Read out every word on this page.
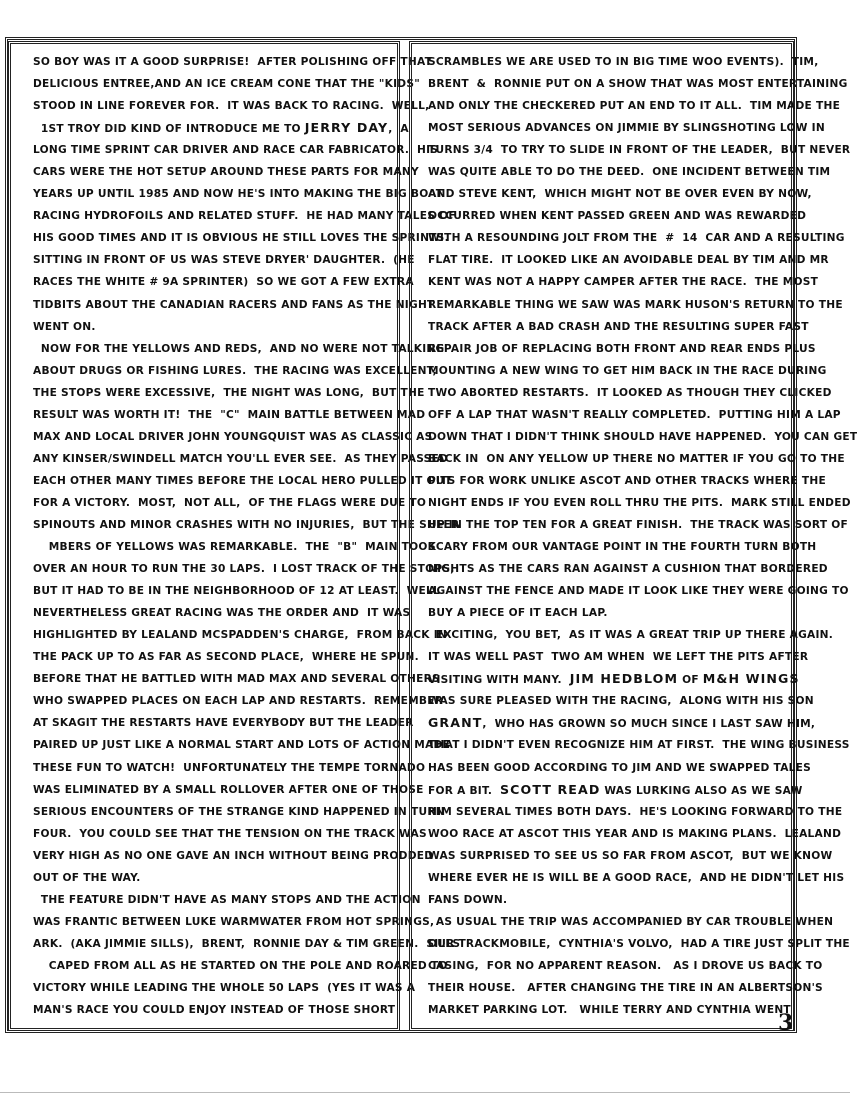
SO BOY WAS IT A GOOD SURPRISE!  AFTER POLISHING OFF THAT
DELICIOUS ENTREE,AND AN ICE CREAM CONE THAT THE "KIDS"
STOOD IN LINE FOREVER FOR.  IT WAS BACK TO RACING.  WELL,
1ST TROY DID KIND OF INTRODUCE ME TO JERRY DAY,  A
LONG TIME SPRINT CAR DRIVER AND RACE CAR FABRICATOR.  HIS
CARS WERE THE HOT SETUP AROUND THESE PARTS FOR MANY
YEARS UP UNTIL 1985 AND NOW HE'S INTO MAKING THE BIG BOAT
RACING HYDROFOILS AND RELATED STUFF.  HE HAD MANY TALES OF
HIS GOOD TIMES AND IT IS OBVIOUS HE STILL LOVES THE SPRINTS.
SITTING IN FRONT OF US WAS STEVE DRYER' DAUGHTER.  (HE
RACES THE WHITE # 9A SPRINTER)  SO WE GOT A FEW EXTRA
TIDBITS ABOUT THE CANADIAN RACERS AND FANS AS THE NIGHT
WENT ON.
NOW FOR THE YELLOWS AND REDS,  AND NO WERE NOT TALKING
ABOUT DRUGS OR FISHING LURES.  THE RACING WAS EXCELLENT,
THE STOPS WERE EXCESSIVE,  THE NIGHT WAS LONG,  BUT THE
RESULT WAS WORTH IT!  THE  "C"  MAIN BATTLE BETWEEN MAD
MAX AND LOCAL DRIVER JOHN YOUNGQUIST WAS AS CLASSIC AS
ANY KINSER/SWINDELL MATCH YOU'LL EVER SEE.  AS THEY PASSED
EACH OTHER MANY TIMES BEFORE THE LOCAL HERO PULLED IT OUT
FOR A VICTORY.  MOST,  NOT ALL,  OF THE FLAGS WERE DUE TO
SPINOUTS AND MINOR CRASHES WITH NO INJURIES,  BUT THE SHEER
MBERS OF YELLOWS WAS REMARKABLE.  THE  "B"  MAIN TOOK
OVER AN HOUR TO RUN THE 30 LAPS.  I LOST TRACK OF THE STOPS,
BUT IT HAD TO BE IN THE NEIGHBORHOOD OF 12 AT LEAST.  WELL
NEVERTHELESS GREAT RACING WAS THE ORDER AND  IT WAS
HIGHLIGHTED BY LEALAND MCSPADDEN'S CHARGE,  FROM BACK IN
THE PACK UP TO AS FAR AS SECOND PLACE,  WHERE HE SPUN.
BEFORE THAT HE BATTLED WITH MAD MAX AND SEVERAL OTHERS
WHO SWAPPED PLACES ON EACH LAP AND RESTARTS.  REMEMBER
AT SKAGIT THE RESTARTS HAVE EVERYBODY BUT THE LEADER
PAIRED UP JUST LIKE A NORMAL START AND LOTS OF ACTION MADE
THESE FUN TO WATCH!  UNFORTUNATELY THE TEMPE TORNADO
WAS ELIMINATED BY A SMALL ROLLOVER AFTER ONE OF THOSE
SERIOUS ENCOUNTERS OF THE STRANGE KIND HAPPENED IN TURN
FOUR.  YOU COULD SEE THAT THE TENSION ON THE TRACK WAS
VERY HIGH AS NO ONE GAVE AN INCH WITHOUT BEING PRODDED
OUT OF THE WAY.
THE FEATURE DIDN'T HAVE AS MANY STOPS AND THE ACTION
WAS FRANTIC BETWEEN LUKE WARMWATER FROM HOT SPRINGS,
ARK.  (AKA JIMMIE SILLS),  BRENT,  RONNIE DAY & TIM GREEN.  SILLS
CAPED FROM ALL AS HE STARTED ON THE POLE AND ROARED TO
VICTORY WHILE LEADING THE WHOLE 50 LAPS  (YES IT WAS A
MAN'S RACE YOU COULD ENJOY INSTEAD OF THOSE SHORT
SCRAMBLES WE ARE USED TO IN BIG TIME WOO EVENTS).  TIM,
BRENT  &  RONNIE PUT ON A SHOW THAT WAS MOST ENTERTAINING
AND ONLY THE CHECKERED PUT AN END TO IT ALL.  TIM MADE THE
MOST SERIOUS ADVANCES ON JIMMIE BY SLINGSHOTING LOW IN
TURNS 3/4  TO TRY TO SLIDE IN FRONT OF THE LEADER,  BUT NEVER
WAS QUITE ABLE TO DO THE DEED.  ONE INCIDENT BETWEEN TIM
AND STEVE KENT,  WHICH MIGHT NOT BE OVER EVEN BY NOW,
OCCURRED WHEN KENT PASSED GREEN AND WAS REWARDED
WITH A RESOUNDING JOLT FROM THE  #  14  CAR AND A RESULTING
FLAT TIRE.  IT LOOKED LIKE AN AVOIDABLE DEAL BY TIM AND MR
KENT WAS NOT A HAPPY CAMPER AFTER THE RACE.  THE MOST
REMARKABLE THING WE SAW WAS MARK HUSON'S RETURN TO THE
TRACK AFTER A BAD CRASH AND THE RESULTING SUPER FAST
REPAIR JOB OF REPLACING BOTH FRONT AND REAR ENDS PLUS
MOUNTING A NEW WING TO GET HIM BACK IN THE RACE DURING
TWO ABORTED RESTARTS.  IT LOOKED AS THOUGH THEY CLICKED
OFF A LAP THAT WASN'T REALLY COMPLETED.  PUTTING HIM A LAP
DOWN THAT I DIDN'T THINK SHOULD HAVE HAPPENED.  YOU CAN GET
BACK IN  ON ANY YELLOW UP THERE NO MATTER IF YOU GO TO THE
PITS FOR WORK UNLIKE ASCOT AND OTHER TRACKS WHERE THE
NIGHT ENDS IF YOU EVEN ROLL THRU THE PITS.  MARK STILL ENDED
UP IN THE TOP TEN FOR A GREAT FINISH.  THE TRACK WAS SORT OF
SCARY FROM OUR VANTAGE POINT IN THE FOURTH TURN BOTH
NIGHTS AS THE CARS RAN AGAINST A CUSHION THAT BORDERED
AGAINST THE FENCE AND MADE IT LOOK LIKE THEY WERE GOING TO
BUY A PIECE OF IT EACH LAP.
EXCITING,  YOU BET,  AS IT WAS A GREAT TRIP UP THERE AGAIN.
IT WAS WELL PAST  TWO AM WHEN  WE LEFT THE PITS AFTER
VISITING WITH MANY.  JIM HEDBLOM OF M&H WINGS
WAS SURE PLEASED WITH THE RACING,  ALONG WITH HIS SON
GRANT,  WHO HAS GROWN SO MUCH SINCE I LAST SAW HIM,
THAT I DIDN'T EVEN RECOGNIZE HIM AT FIRST.  THE WING BUSINESS
HAS BEEN GOOD ACCORDING TO JIM AND WE SWAPPED TALES
FOR A BIT.  SCOTT READ WAS LURKING ALSO AS WE SAW
HIM SEVERAL TIMES BOTH DAYS.  HE'S LOOKING FORWARD TO THE
WOO RACE AT ASCOT THIS YEAR AND IS MAKING PLANS.  LEALAND
WAS SURPRISED TO SEE US SO FAR FROM ASCOT,  BUT WE KNOW
WHERE EVER HE IS WILL BE A GOOD RACE,  AND HE DIDN'T LET HIS
FANS DOWN.
AS USUAL THE TRIP WAS ACCOMPANIED BY CAR TROUBLE WHEN
OUR TRACKMOBILE,  CYNTHIA'S VOLVO,  HAD A TIRE JUST SPLIT THE
CASING,  FOR NO APPARENT REASON.   AS I DROVE US BACK TO
THEIR HOUSE.   AFTER CHANGING THE TIRE IN AN ALBERTSON'S
MARKET PARKING LOT.   WHILE TERRY AND CYNTHIA WENT
3
